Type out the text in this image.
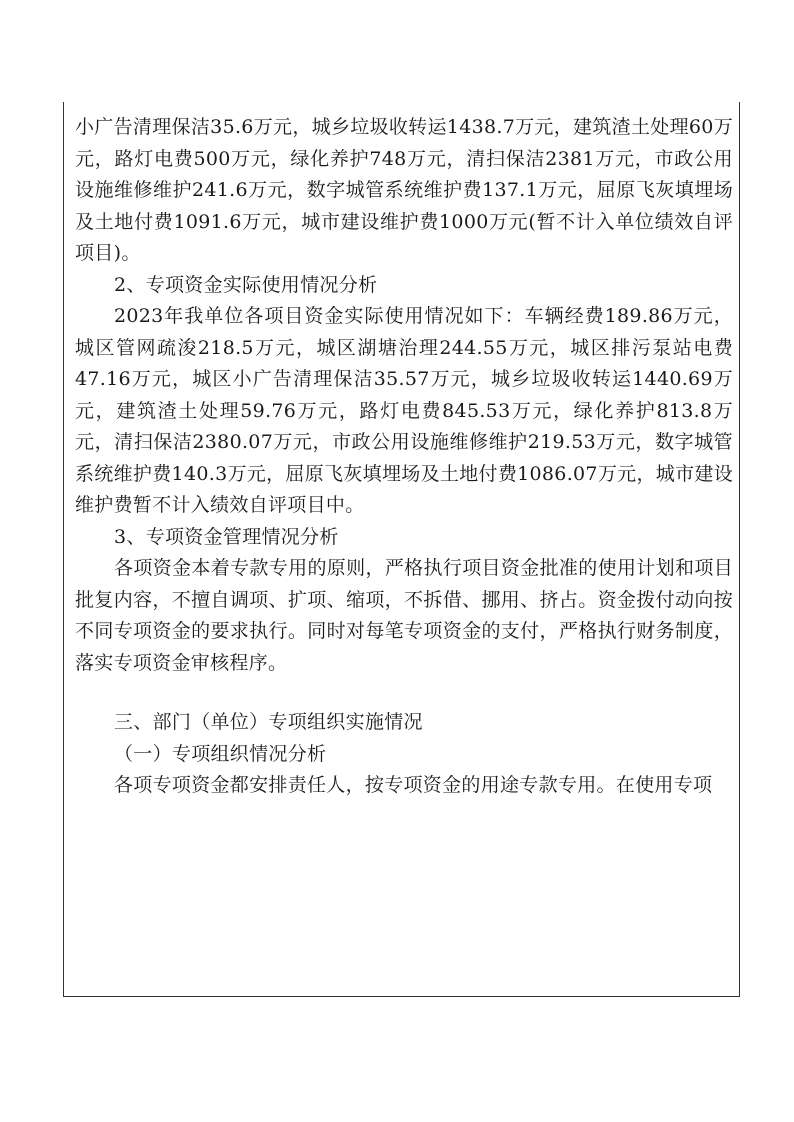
小广告清理保洁35.6万元，城乡垃圾收转运1438.7万元，建筑渣土处理60万元，路灯电费500万元，绿化养护748万元，清扫保洁2381万元，市政公用设施维修维护241.6万元，数字城管系统维护费137.1万元，屈原飞灰填埋场及土地付费1091.6万元，城市建设维护费1000万元(暂不计入单位绩效自评项目)。

2、专项资金实际使用情况分析

2023年我单位各项目资金实际使用情况如下：车辆经费189.86万元，城区管网疏浚218.5万元，城区湖塘治理244.55万元，城区排污泵站电费47.16万元，城区小广告清理保洁35.57万元，城乡垃圾收转运1440.69万元，建筑渣土处理59.76万元，路灯电费845.53万元，绿化养护813.8万元，清扫保洁2380.07万元，市政公用设施维修维护219.53万元，数字城管系统维护费140.3万元，屈原飞灰填埋场及土地付费1086.07万元，城市建设维护费暂不计入绩效自评项目中。

3、专项资金管理情况分析

各项资金本着专款专用的原则，严格执行项目资金批准的使用计划和项目批复内容，不擅自调项、扩项、缩项，不拆借、挪用、挤占。资金拨付动向按不同专项资金的要求执行。同时对每笔专项资金的支付，严格执行财务制度，落实专项资金审核程序。

三、部门（单位）专项组织实施情况

（一）专项组织情况分析

各项专项资金都安排责任人，按专项资金的用途专款专用。在使用专项
